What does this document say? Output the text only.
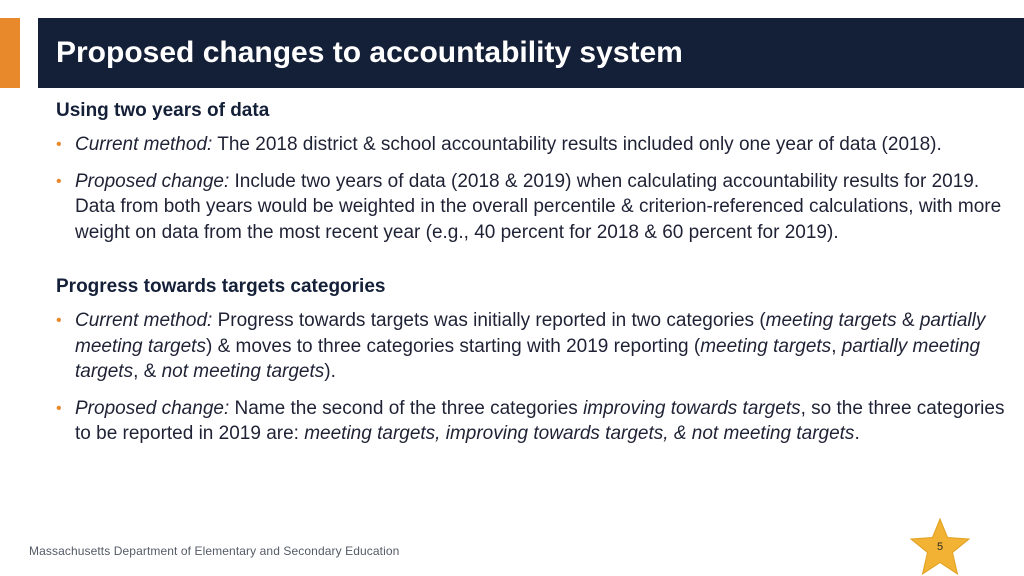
Proposed changes to accountability system
Using two years of data
• Current method: The 2018 district & school accountability results included only one year of data (2018).
• Proposed change: Include two years of data (2018 & 2019) when calculating accountability results for 2019. Data from both years would be weighted in the overall percentile & criterion-referenced calculations, with more weight on data from the most recent year (e.g., 40 percent for 2018 & 60 percent for 2019).
Progress towards targets categories
• Current method: Progress towards targets was initially reported in two categories (meeting targets & partially meeting targets) & moves to three categories starting with 2019 reporting (meeting targets, partially meeting targets, & not meeting targets).
• Proposed change: Name the second of the three categories improving towards targets, so the three categories to be reported in 2019 are: meeting targets, improving towards targets, & not meeting targets.
Massachusetts Department of Elementary and Secondary Education	5
